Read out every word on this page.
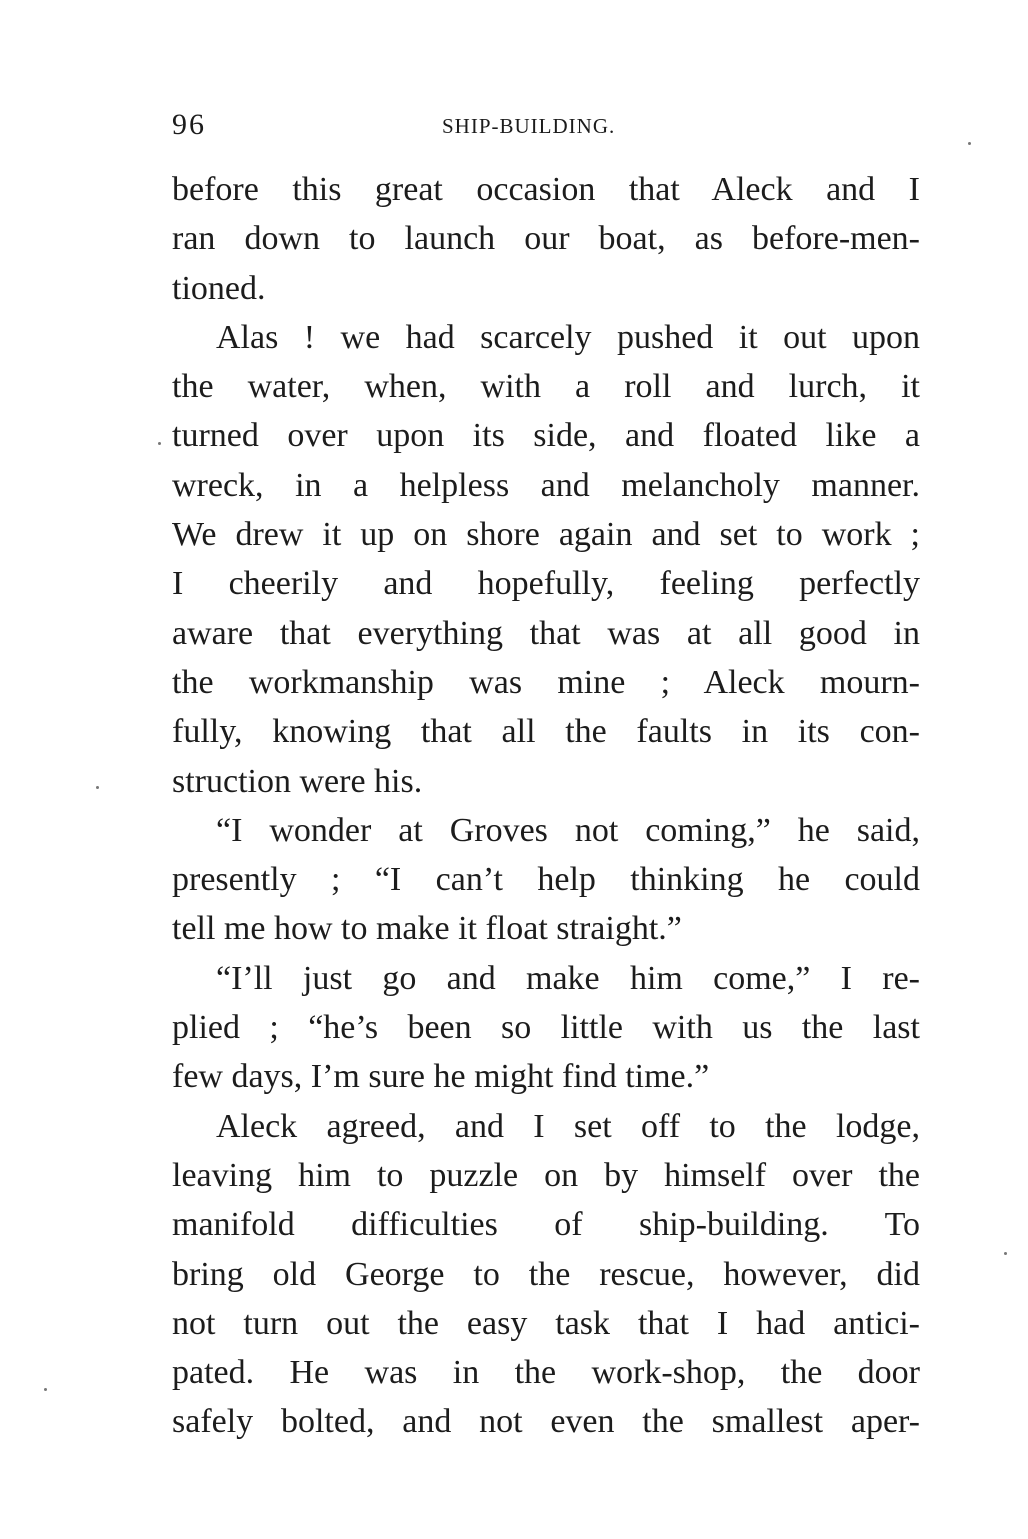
96	SHIP-BUILDING.
before this great occasion that Aleck and I
ran down to launch our boat, as before-men-
tioned.
Alas ! we had scarcely pushed it out upon
the water, when, with a roll and lurch, it
turned over upon its side, and floated like a
wreck, in a helpless and melancholy manner.
We drew it up on shore again and set to work ;
I cheerily and hopefully, feeling perfectly
aware that everything that was at all good in
the workmanship was mine ; Aleck mourn-
fully, knowing that all the faults in its con-
struction were his.
“I wonder at Groves not coming,” he said,
presently ; “I can’t help thinking he could
tell me how to make it float straight.”
“I’ll just go and make him come,” I re-
plied ; “he’s been so little with us the last
few days, I’m sure he might find time.”
Aleck agreed, and I set off to the lodge,
leaving him to puzzle on by himself over the
manifold difficulties of ship-building. To
bring old George to the rescue, however, did
not turn out the easy task that I had antici-
pated. He was in the work-shop, the door
safely bolted, and not even the smallest aper-
